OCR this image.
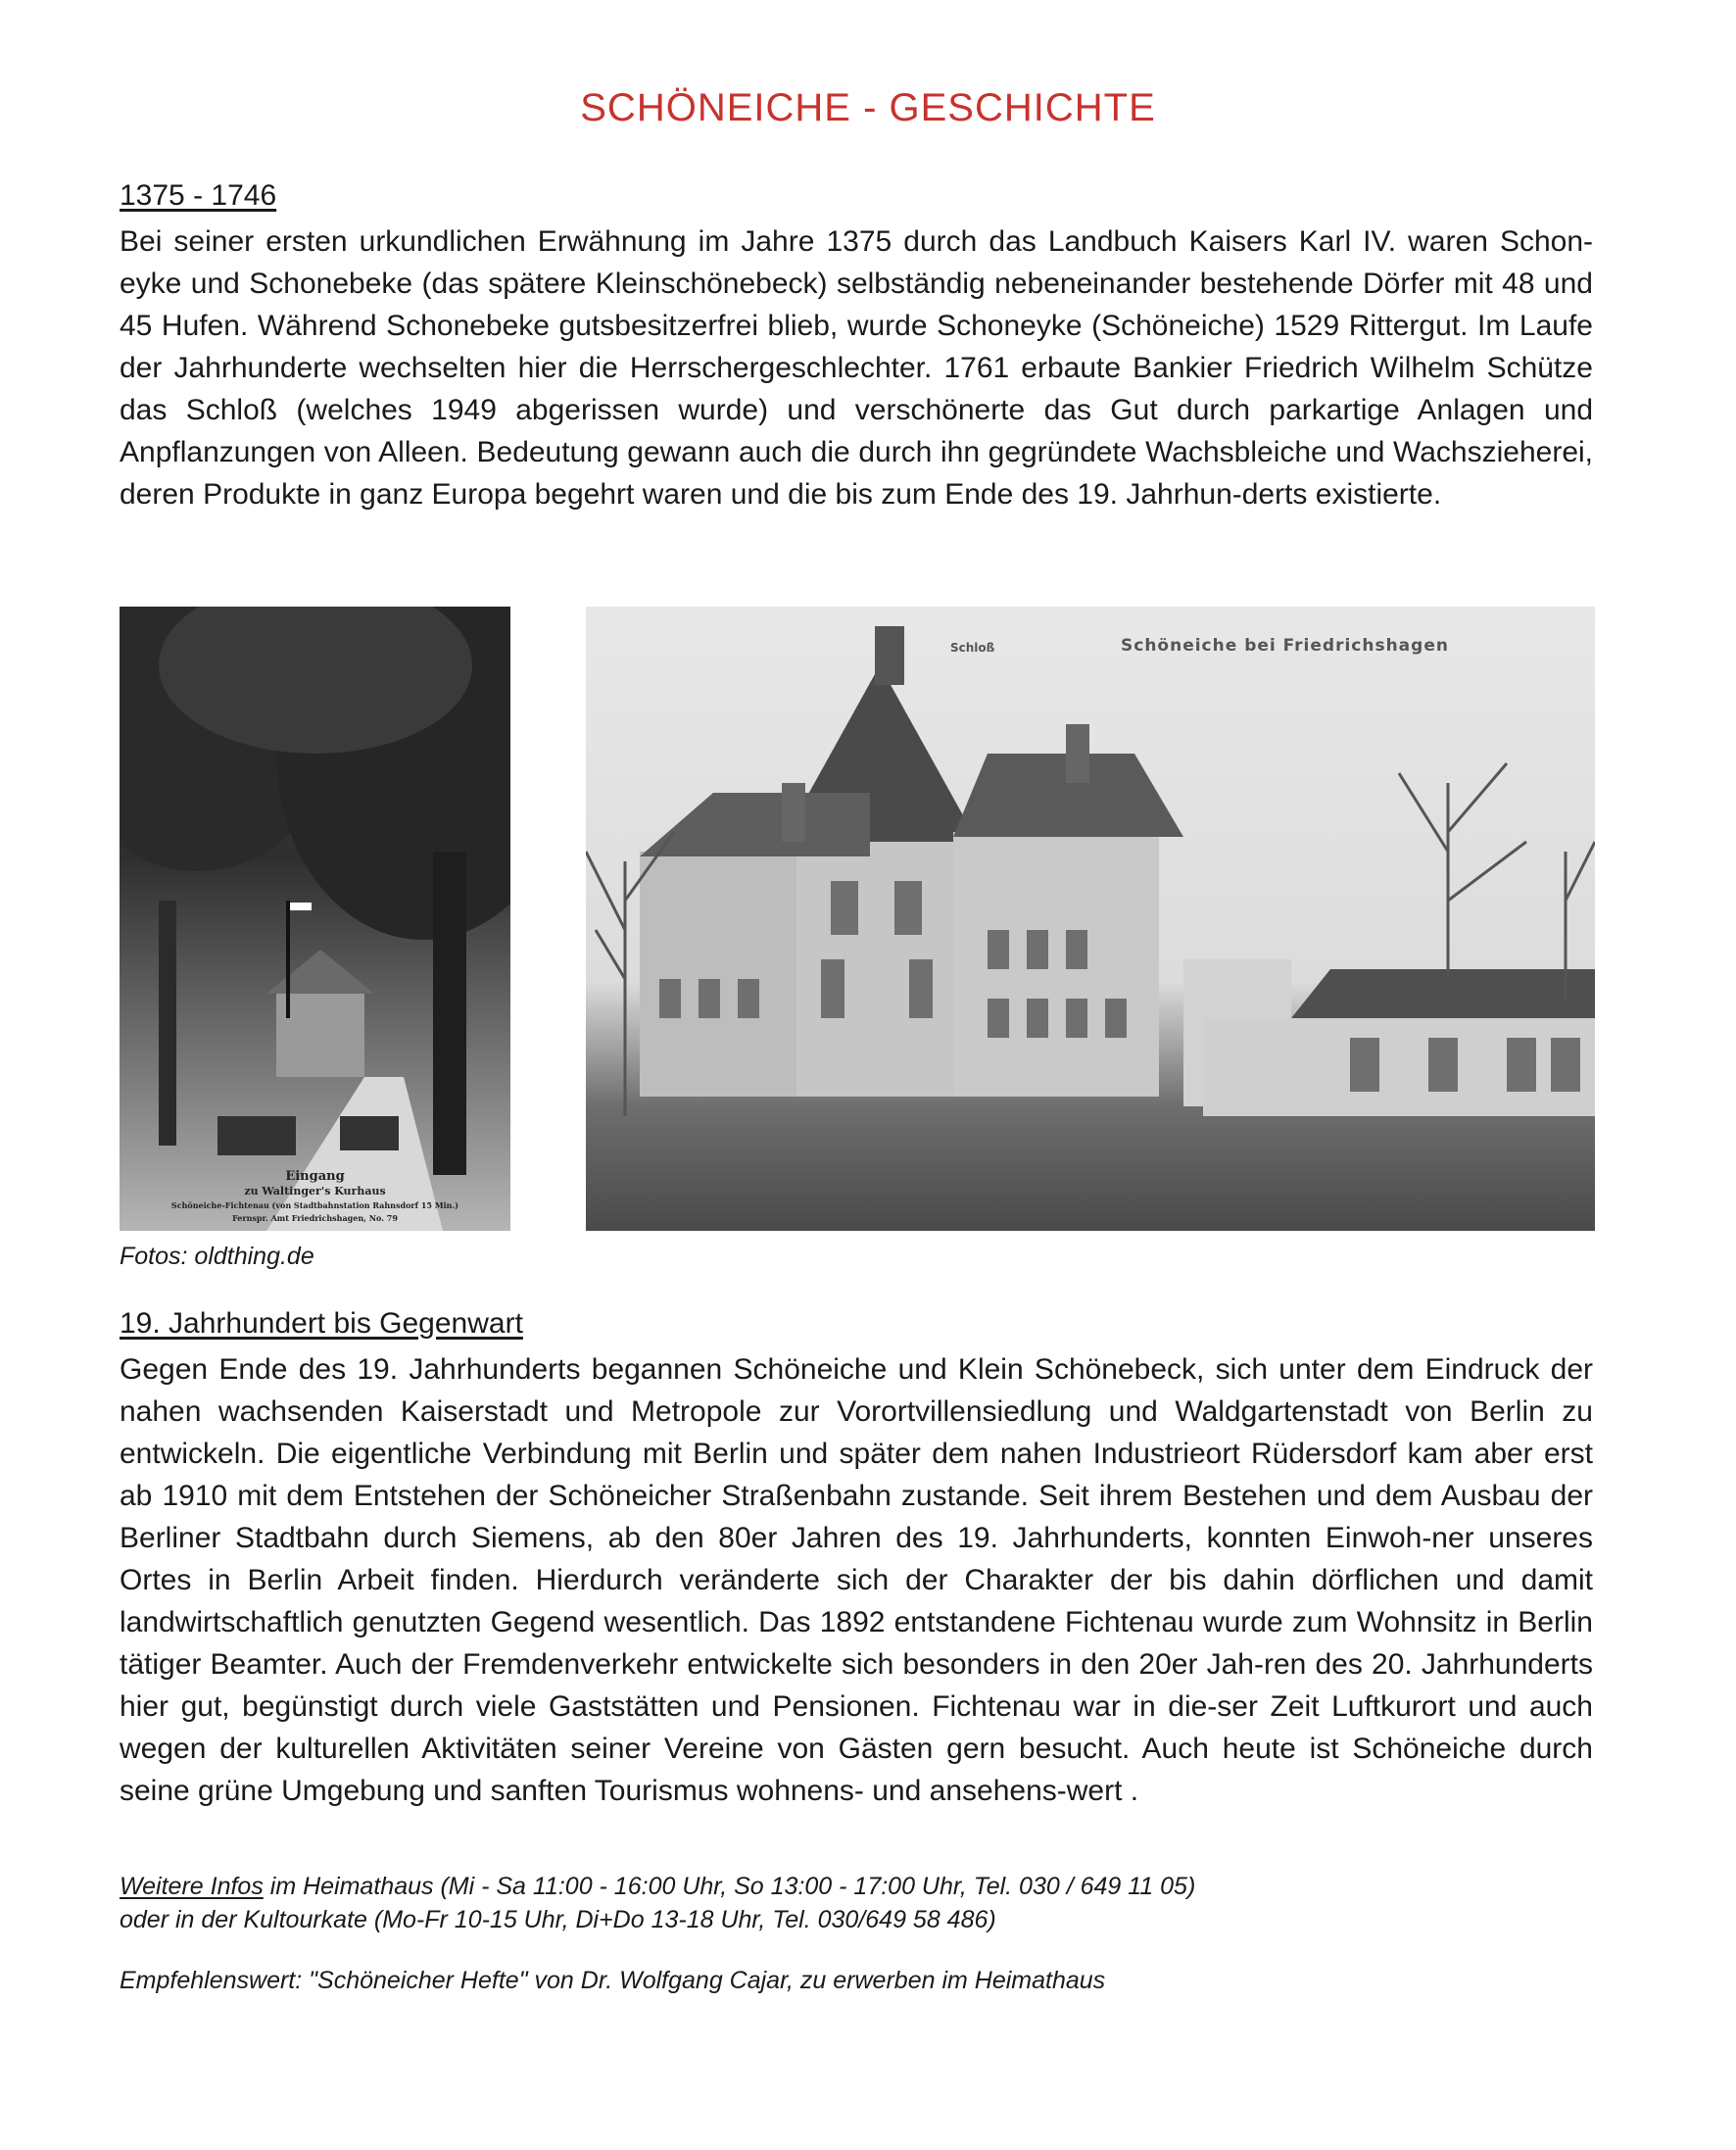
SCHÖNEICHE - GESCHICHTE
1375 - 1746

Bei seiner ersten urkundlichen Erwähnung im Jahre 1375 durch das Landbuch Kaisers Karl IV. waren Schon-eyke und Schonebeke (das spätere Kleinschönebeck) selbständig nebeneinander bestehende Dörfer mit 48 und 45 Hufen. Während Schonebeke gutsbesitzerfrei blieb, wurde Schoneyke (Schöneiche) 1529 Rittergut. Im Laufe der Jahrhunderte wechselten hier die Herrschergeschlechter. 1761 erbaute Bankier Friedrich Wilhelm Schütze das Schloß (welches 1949 abgerissen wurde) und verschönerte das Gut durch parkartige Anlagen und Anpflanzungen von Alleen. Bedeutung gewann auch die durch ihn gegründete Wachsbleiche und Wachszieherei, deren Produkte in ganz Europa begehrt waren und die bis zum Ende des 19. Jahrhun-derts existierte.

Eingang
zu Waltinger's Kurhaus
Schöneiche-Fichtenau (von Stadtbahnstation Rahnsdorf 15 Min.)
Fernspr. Amt Friedrichshagen, No. 79
Schloß	Schöneiche bei Friedrichshagen
Fotos: oldthing.de
19. Jahrhundert bis Gegenwart

Gegen Ende des 19. Jahrhunderts begannen Schöneiche und Klein Schönebeck, sich unter dem Eindruck der nahen wachsenden Kaiserstadt und Metropole zur Vorortvillensiedlung und Waldgartenstadt von Berlin zu entwickeln. Die eigentliche Verbindung mit Berlin und später dem nahen Industrieort Rüdersdorf kam aber erst ab 1910 mit dem Entstehen der Schöneicher Straßenbahn zustande. Seit ihrem Bestehen und dem Ausbau der Berliner Stadtbahn durch Siemens, ab den 80er Jahren des 19. Jahrhunderts, konnten Einwoh-ner unseres Ortes in Berlin Arbeit finden. Hierdurch veränderte sich der Charakter der bis dahin dörflichen und damit landwirtschaftlich genutzten Gegend wesentlich. Das 1892 entstandene Fichtenau wurde zum Wohnsitz in Berlin tätiger Beamter. Auch der Fremdenverkehr entwickelte sich besonders in den 20er Jah-ren des 20. Jahrhunderts hier gut, begünstigt durch viele Gaststätten und Pensionen. Fichtenau war in die-ser Zeit Luftkurort und auch wegen der kulturellen Aktivitäten seiner Vereine von Gästen gern besucht. Auch heute ist Schöneiche durch seine grüne Umgebung und sanften Tourismus wohnens- und ansehens-wert .

Weitere Infos im Heimathaus (Mi - Sa 11:00 - 16:00 Uhr, So 13:00 - 17:00 Uhr, Tel. 030 / 649 11 05)
oder in der Kultourkate (Mo-Fr 10-15 Uhr, Di+Do 13-18 Uhr, Tel. 030/649 58 486)
Empfehlenswert: "Schöneicher Hefte" von Dr. Wolfgang Cajar, zu erwerben im Heimathaus
